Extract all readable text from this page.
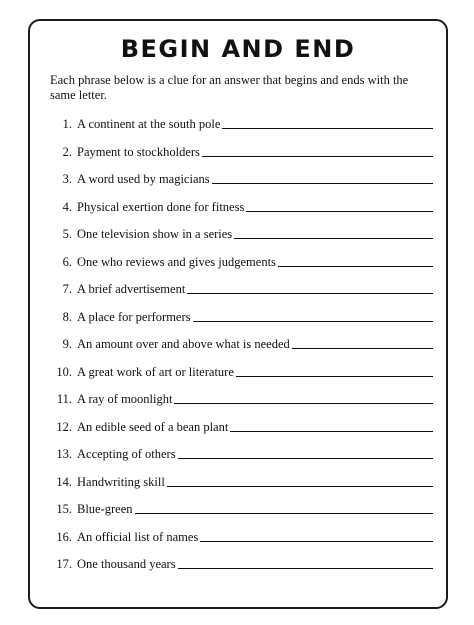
BEGIN AND END
Each phrase below is a clue for an answer that begins and ends with the same letter.
1. A continent at the south pole
2. Payment to stockholders
3. A word used by magicians
4. Physical exertion done for fitness
5. One television show in a series
6. One who reviews and gives judgements
7. A brief advertisement
8. A place for performers
9. An amount over and above what is needed
10. A great work of art or literature
11. A ray of moonlight
12. An edible seed of a bean plant
13. Accepting of others
14. Handwriting skill
15. Blue-green
16. An official list of names
17. One thousand years
